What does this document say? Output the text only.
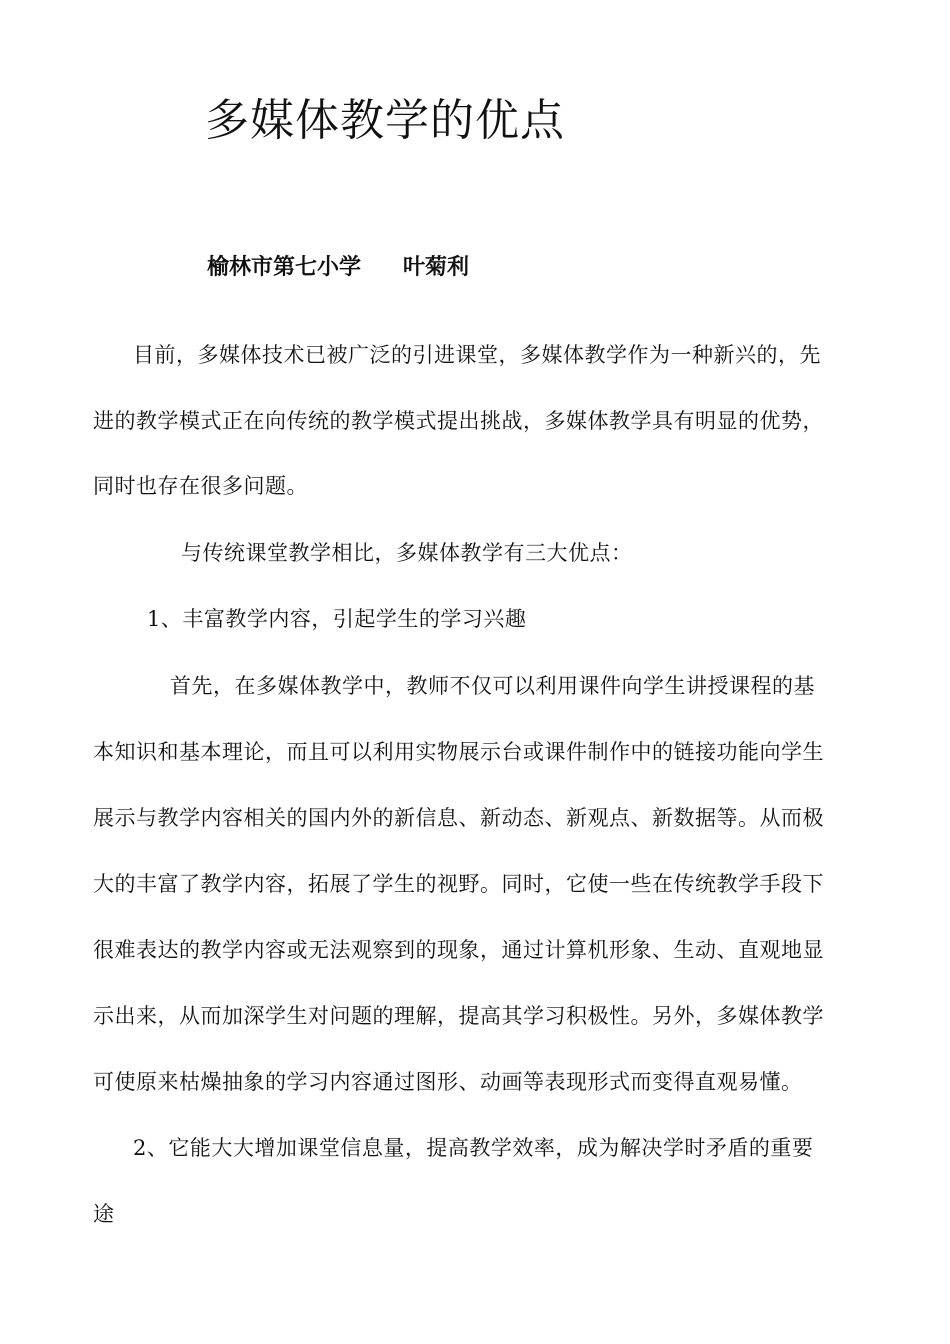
多媒体教学的优点

榆林市第七小学 叶菊利

目前，多媒体技术已被广泛的引进课堂，多媒体教学作为一种新兴的，先

进的教学模式正在向传统的教学模式提出挑战，多媒体教学具有明显的优势，

同时也存在很多问题。

与传统课堂教学相比，多媒体教学有三大优点：

1、丰富教学内容，引起学生的学习兴趣

首先，在多媒体教学中，教师不仅可以利用课件向学生讲授课程的基

本知识和基本理论，而且可以利用实物展示台或课件制作中的链接功能向学生

展示与教学内容相关的国内外的新信息、新动态、新观点、新数据等。从而极

大的丰富了教学内容，拓展了学生的视野。同时，它使一些在传统教学手段下

很难表达的教学内容或无法观察到的现象，通过计算机形象、生动、直观地显

示出来，从而加深学生对问题的理解，提高其学习积极性。另外，多媒体教学

可使原来枯燥抽象的学习内容通过图形、动画等表现形式而变得直观易懂。

2、它能大大增加课堂信息量，提高教学效率，成为解决学时矛盾的重要

途
